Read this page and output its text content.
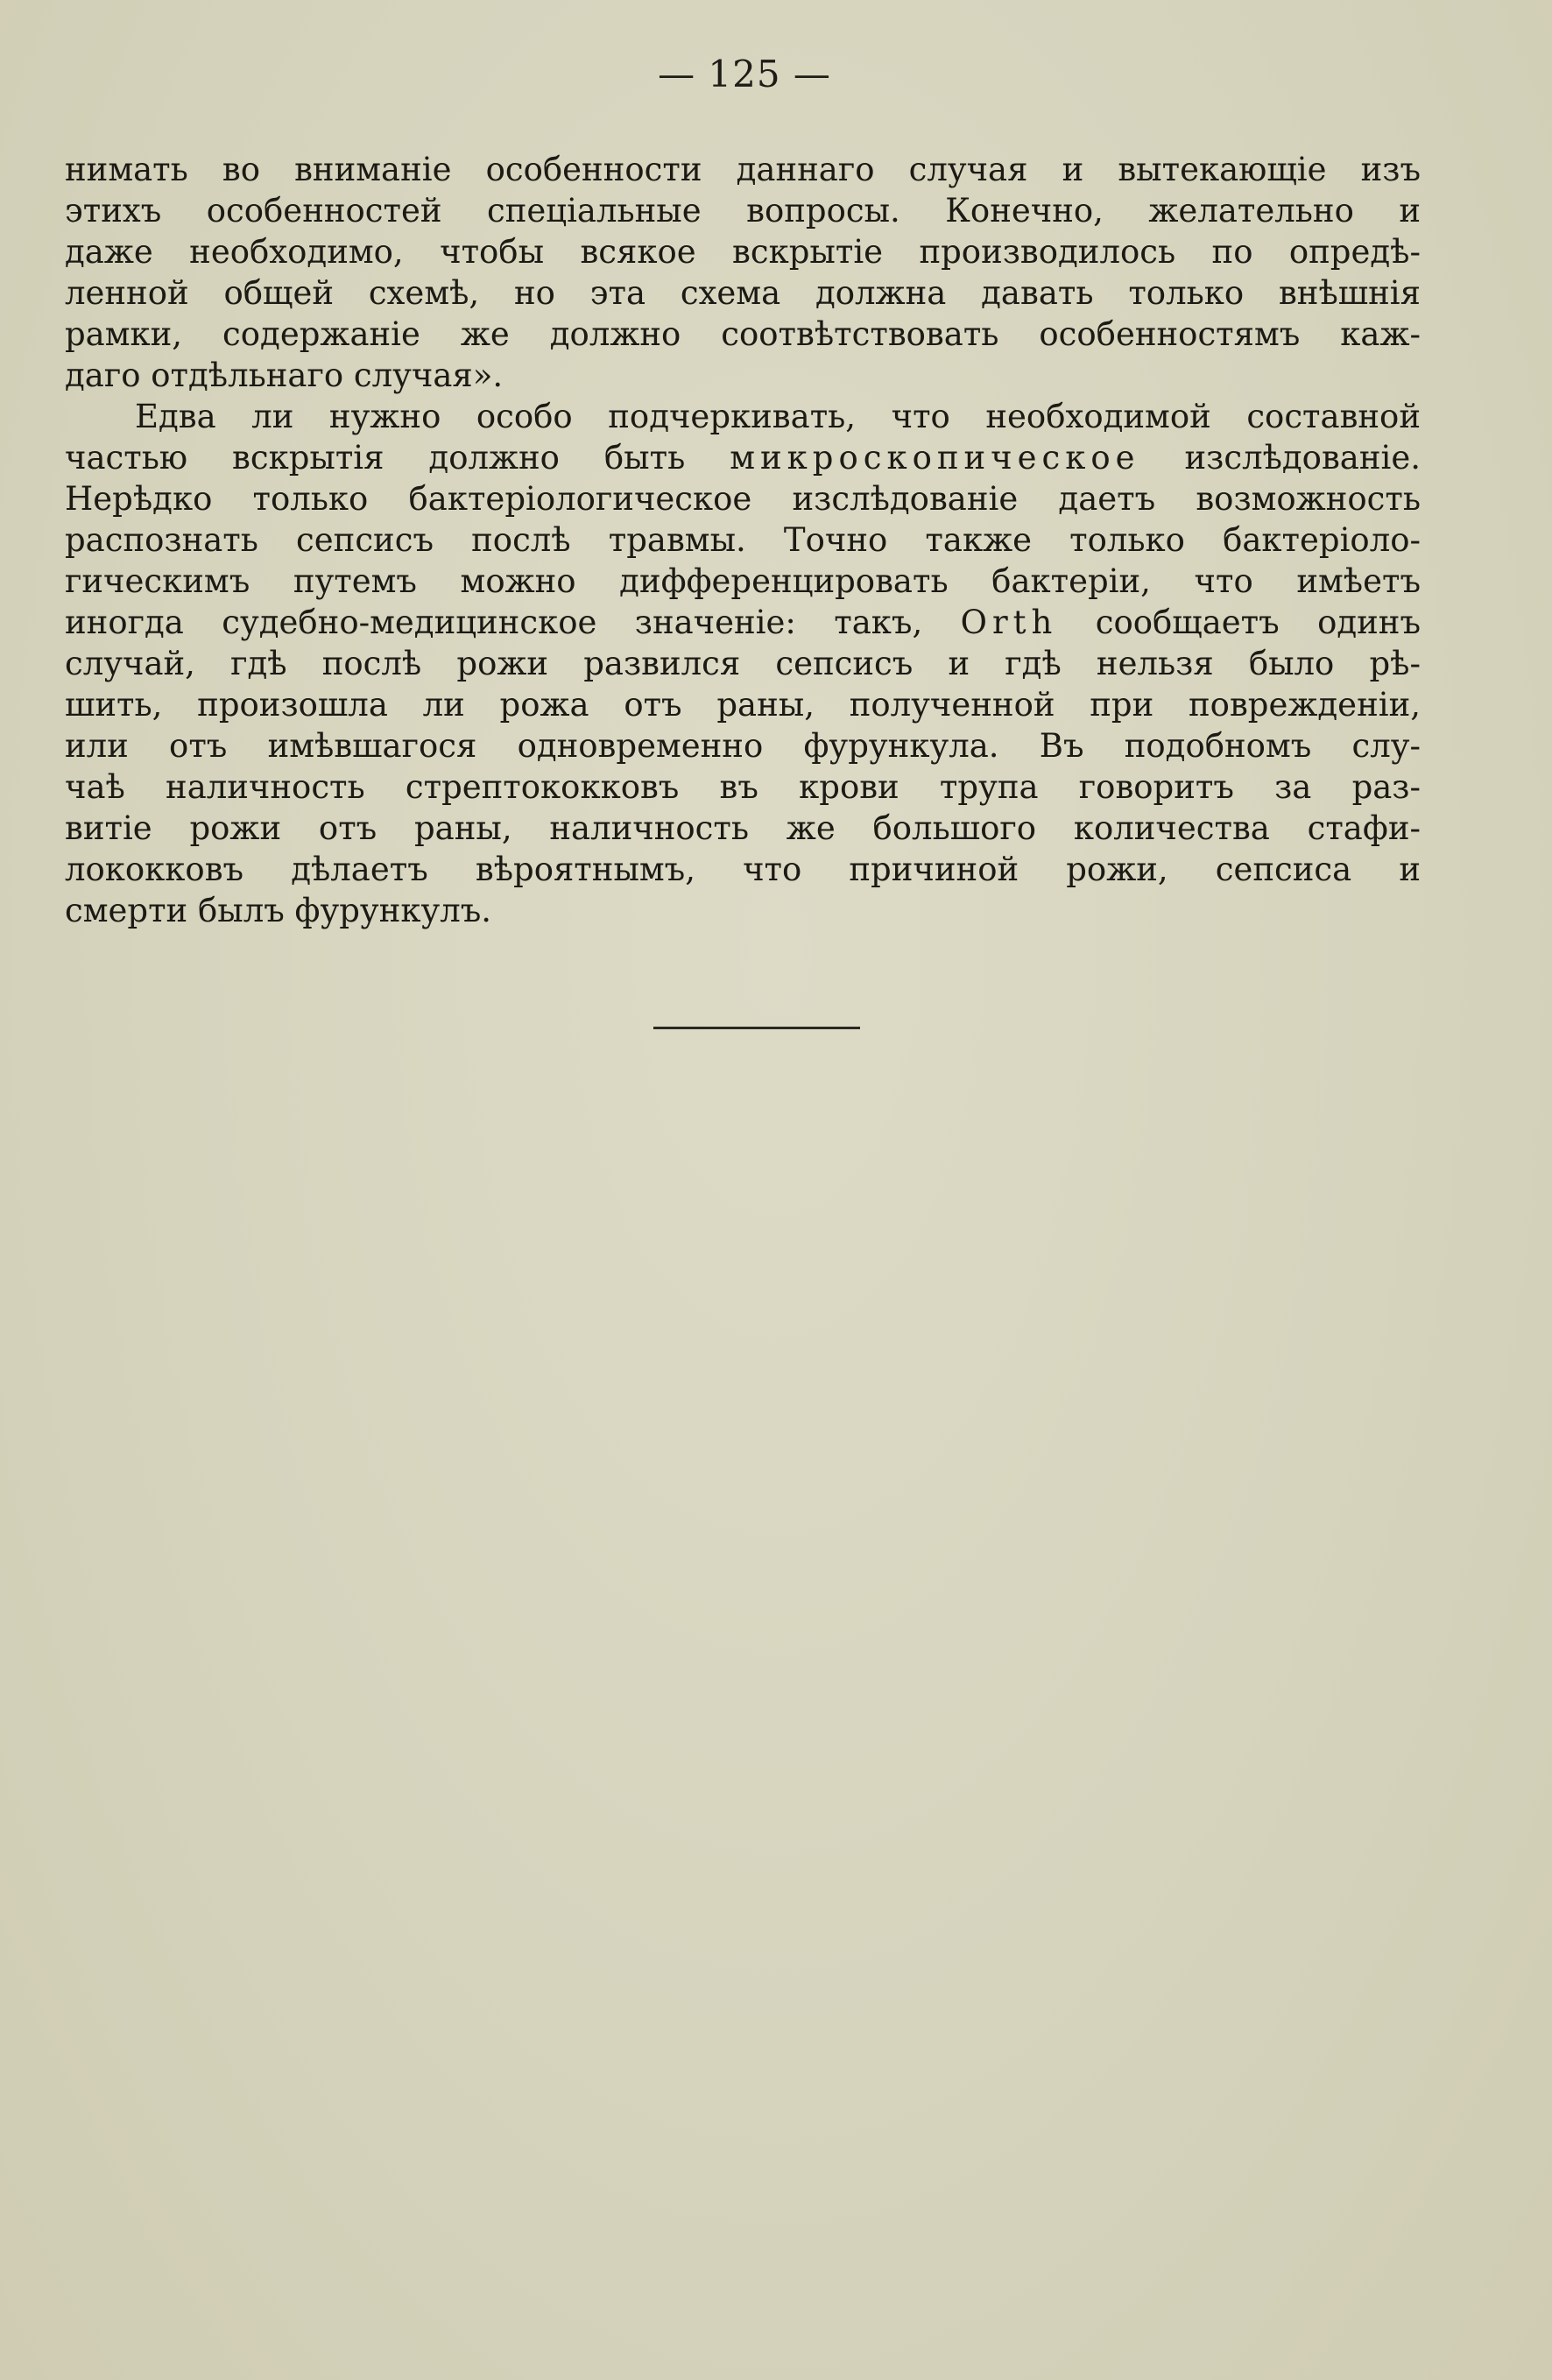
— 125 —
нимать во вниманіе особенности даннаго случая и вытекающіе изъ
этихъ особенностей спеціальные вопросы. Конечно, желательно и
даже необходимо, чтобы всякое вскрытіе производилось по опредѣ-
ленной общей схемѣ, но эта схема должна давать только внѣшнія
рамки, содержаніе же должно соотвѣтствовать особенностямъ каж-
даго отдѣльнаго случая».
Едва ли нужно особо подчеркивать, что необходимой составной
частью вскрытія должно быть микроскопическое изслѣдованіе.
Нерѣдко только бактеріологическое изслѣдованіе даетъ возможность
распознать сепсисъ послѣ травмы. Точно также только бактеріоло-
гическимъ путемъ можно дифференцировать бактеріи, что имѣетъ
иногда судебно-медицинское значеніе: такъ, Orth сообщаетъ одинъ
случай, гдѣ послѣ рожи развился сепсисъ и гдѣ нельзя было рѣ-
шить, произошла ли рожа отъ раны, полученной при поврежденіи,
или отъ имѣвшагося одновременно фурункула. Въ подобномъ слу-
чаѣ наличность стрептококковъ въ крови трупа говоритъ за раз-
витіе рожи отъ раны, наличность же большого количества стафи-
лококковъ дѣлаетъ вѣроятнымъ, что причиной рожи, сепсиса и
смерти былъ фурункулъ.
